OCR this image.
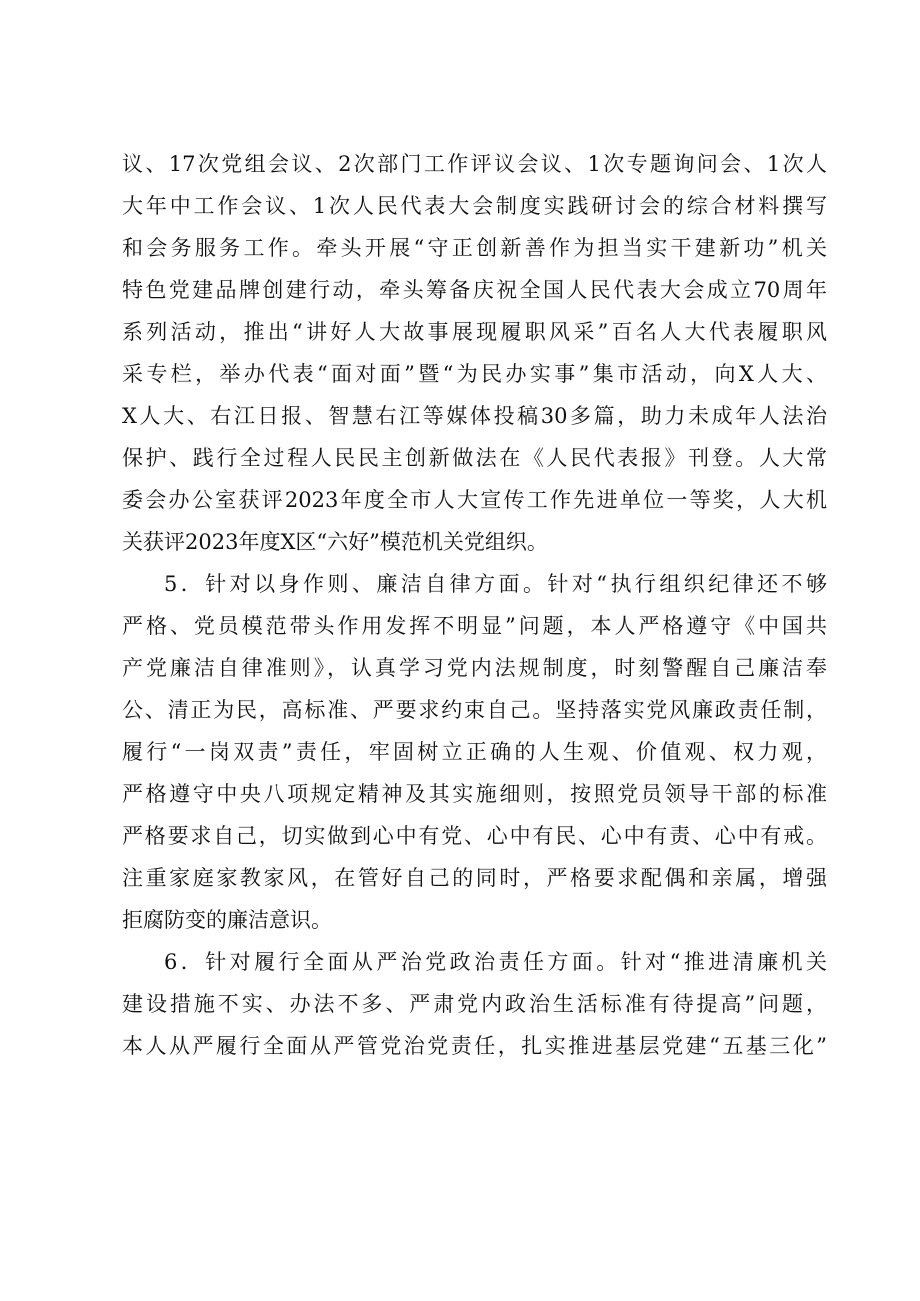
议、17次党组会议、2次部门工作评议会议、1次专题询问会、1次人
大年中工作会议、1次人民代表大会制度实践研讨会的综合材料撰写
和会务服务工作。牵头开展“守正创新善作为担当实干建新功”机关
特色党建品牌创建行动，牵头筹备庆祝全国人民代表大会成立70周年
系列活动，推出“讲好人大故事展现履职风采”百名人大代表履职风
采专栏，举办代表“面对面”暨“为民办实事”集市活动，向X人大、
X人大、右江日报、智慧右江等媒体投稿30多篇，助力未成年人法治
保护、践行全过程人民民主创新做法在《人民代表报》刊登。人大常
委会办公室获评2023年度全市人大宣传工作先进单位一等奖，人大机
关获评2023年度X区“六好”模范机关党组织。
5．针对以身作则、廉洁自律方面。针对“执行组织纪律还不够
严格、党员模范带头作用发挥不明显”问题，本人严格遵守《中国共
产党廉洁自律准则》，认真学习党内法规制度，时刻警醒自己廉洁奉
公、清正为民，高标准、严要求约束自己。坚持落实党风廉政责任制，
履行“一岗双责”责任，牢固树立正确的人生观、价值观、权力观，
严格遵守中央八项规定精神及其实施细则，按照党员领导干部的标准
严格要求自己，切实做到心中有党、心中有民、心中有责、心中有戒。
注重家庭家教家风，在管好自己的同时，严格要求配偶和亲属，增强
拒腐防变的廉洁意识。
6．针对履行全面从严治党政治责任方面。针对“推进清廉机关
建设措施不实、办法不多、严肃党内政治生活标准有待提高”问题，
本人从严履行全面从严管党治党责任，扎实推进基层党建“五基三化”
